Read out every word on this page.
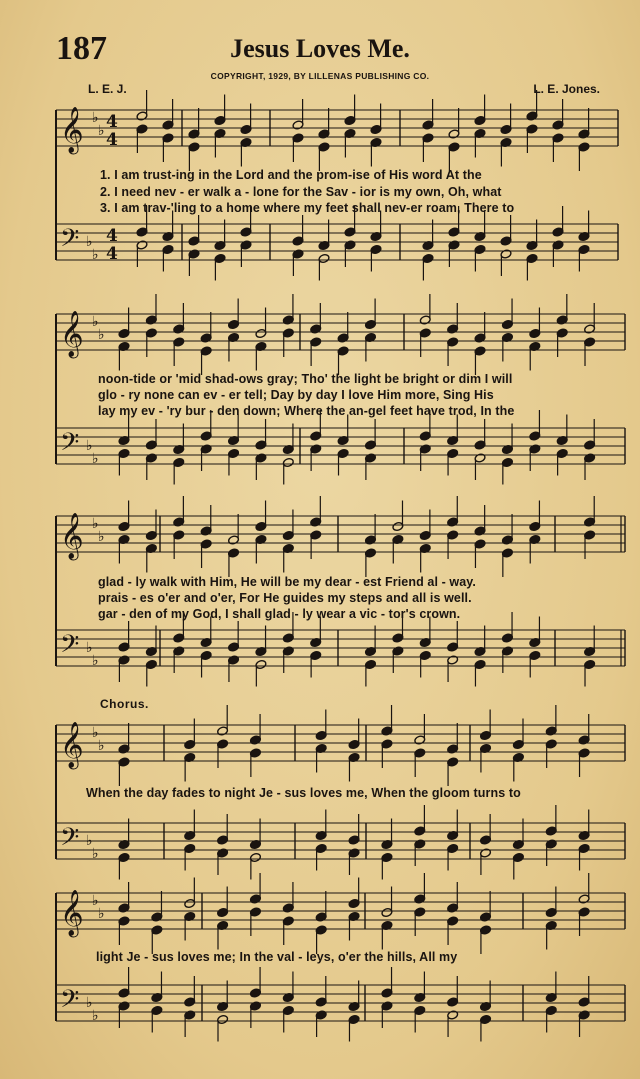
187	Jesus Loves Me.
COPYRIGHT, 1929, BY LILLENAS PUBLISHING CO.
L. E. J.	L. E. Jones.
Chorus.
𝄞
𝄢
♭
♭
♭
♭
4
4
4
4
𝄞
𝄢
♭
♭
♭
♭
𝄞
𝄢
♭
♭
♭
♭
𝄞
𝄢
♭
♭
♭
♭
𝄞
𝄢
♭
♭
♭
♭
1. I am trust-ing in the Lord and the prom-ise of His word At the
2. I need nev - er walk a - lone for the Sav - ior is my own, Oh, what
3. I am trav-'ling to a home where my feet shall nev-er roam, There to
noon-tide or 'mid shad-ows gray; Tho' the light be bright or dim I will
glo - ry none can ev - er tell; Day by day I love Him more, Sing His
lay my ev - 'ry bur - den down; Where the an-gel feet have trod, In the
glad - ly walk with Him, He will be my dear - est Friend al - way.
prais - es o'er and o'er, For He guides my steps and all is well.
gar - den of my God, I shall glad - ly wear a vic - tor's crown.
When the day fades to night Je - sus loves me, When the gloom turns to
light Je - sus loves me; In the val - leys, o'er the hills, All my
